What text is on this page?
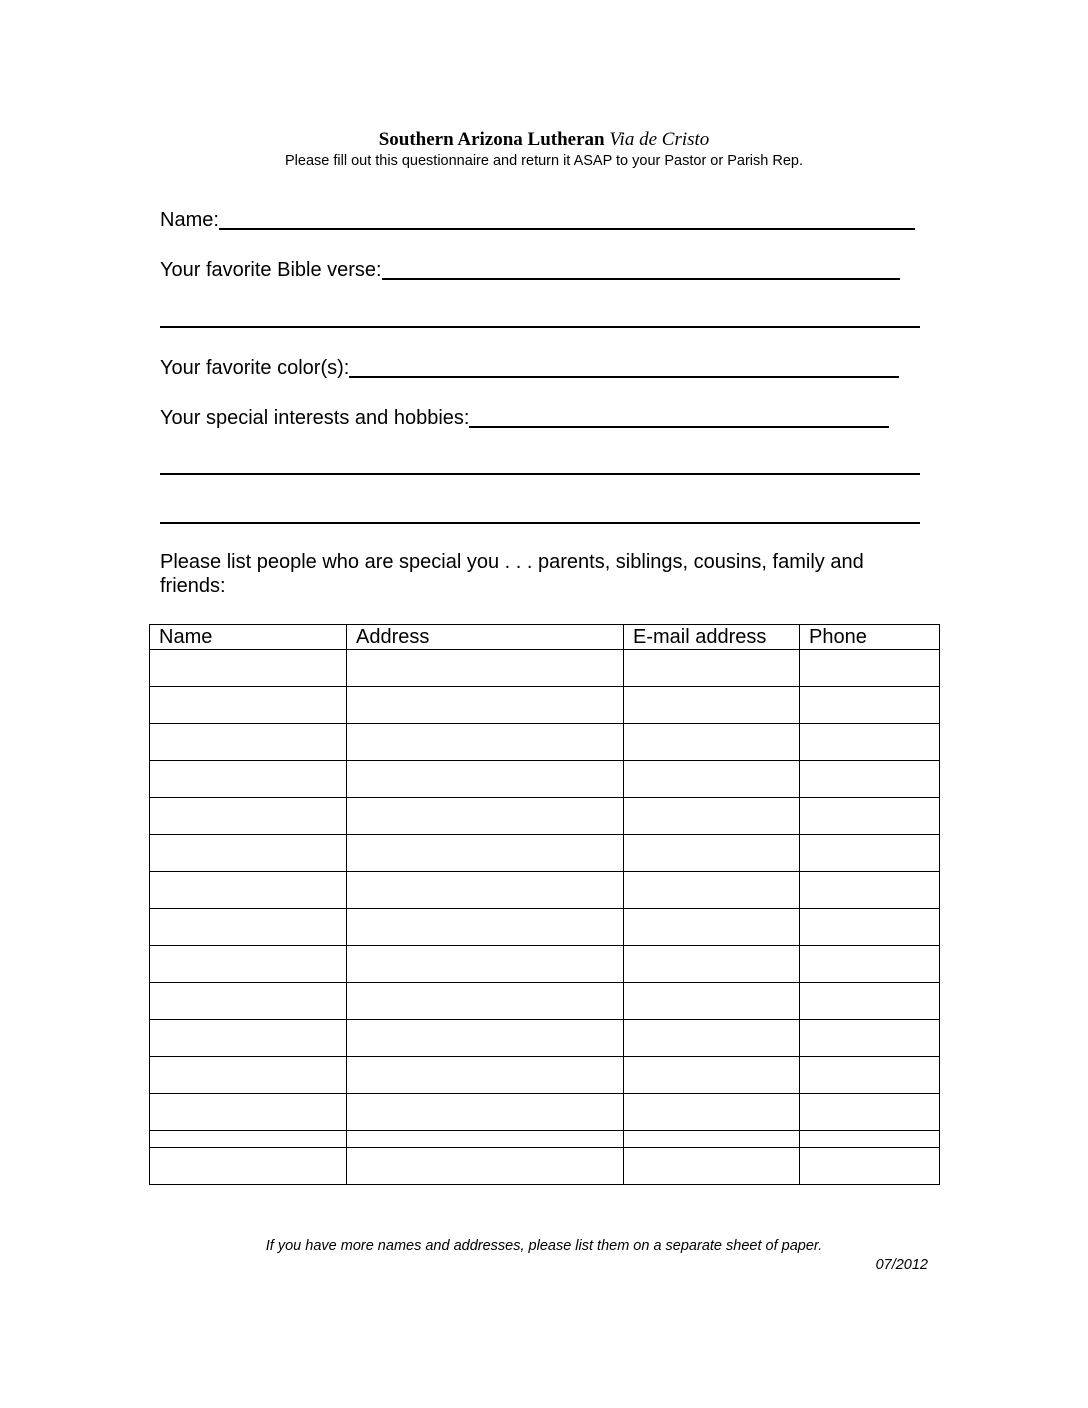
Southern Arizona Lutheran Via de Cristo
Please fill out this questionnaire and return it ASAP to your Pastor or Parish Rep.
Name:
Your favorite Bible verse:
Your favorite color(s):
Your special interests and hobbies:
Please list people who are special you . . . parents, siblings, cousins, family and friends:
Name	Address	E-mail address	Phone

If you have more names and addresses, please list them on a separate sheet of paper.
07/2012
